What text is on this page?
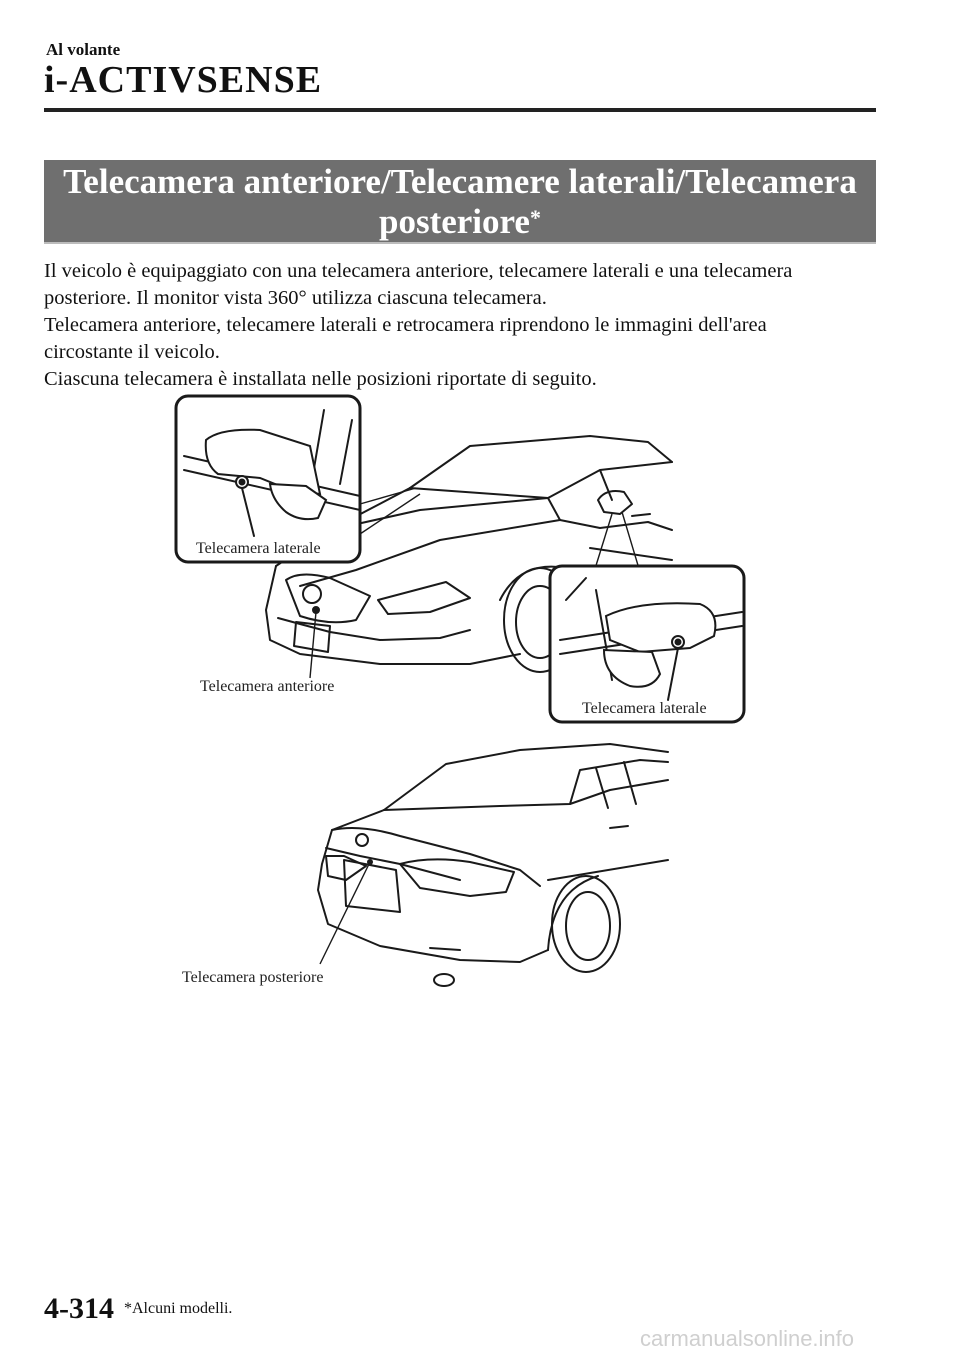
Al volante
i-ACTIVSENSE
Telecamera anteriore/Telecamere laterali/Telecamera
posteriore*

Il veicolo è equipaggiato con una telecamera anteriore, telecamere laterali e una telecamera

posteriore. Il monitor vista 360° utilizza ciascuna telecamera.

Telecamera anteriore, telecamere laterali e retrocamera riprendono le immagini dell'area

circostante il veicolo.

Ciascuna telecamera è installata nelle posizioni riportate di seguito.

Telecamera laterale
Telecamera laterale
Telecamera anteriore
Telecamera posteriore
4-314 *Alcuni modelli.
carmanualsonline.info
